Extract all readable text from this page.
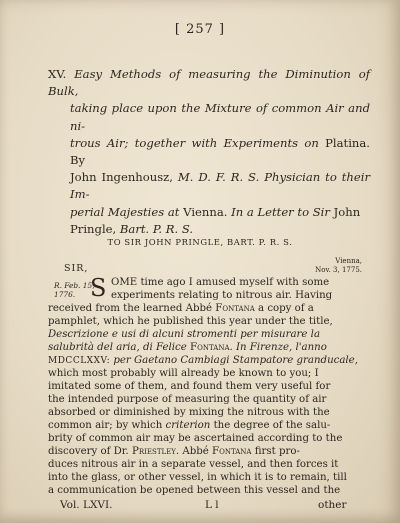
[ 257 ]
XV. Easy Methods of measuring the Diminution of Bulk,
taking place upon the Mixture of common Air and ni-
trous Air; together with Experiments on Platina. By
John Ingenhousz, M. D. F. R. S. Physician to their Im-
perial Majesties at Vienna. In a Letter to Sir John
Pringle, Bart. P. R. S.
TO SIR JOHN PRINGLE, BART. P. R. S.
Vienna,
Nov. 3, 1775.
SIR,
R. Feb. 15,
1776. S OME time ago I amused myself with some
experiments relating to nitrous air. Having
received from the learned Abbé Fontana a copy of a
pamphlet, which he published this year under the title,
Descrizione e usi di alcuni stromenti per misurare la
salubrità del aria, di Felice Fontana. In Firenze, l'anno
MDCCLXXV: per Gaetano Cambiagi Stampatore granducale,
which most probably will already be known to you; I
imitated some of them, and found them very useful for
the intended purpose of measuring the quantity of air
absorbed or diminished by mixing the nitrous with the
common air; by which criterion the degree of the salu-
brity of common air may be ascertained according to the
discovery of Dr. Priestley. Abbé Fontana first pro-
duces nitrous air in a separate vessel, and then forces it
Vol. LXVI.	L l	other
into the glass, or other vessel, in which it is to remain, till
a communication be opened between this vessel and the
